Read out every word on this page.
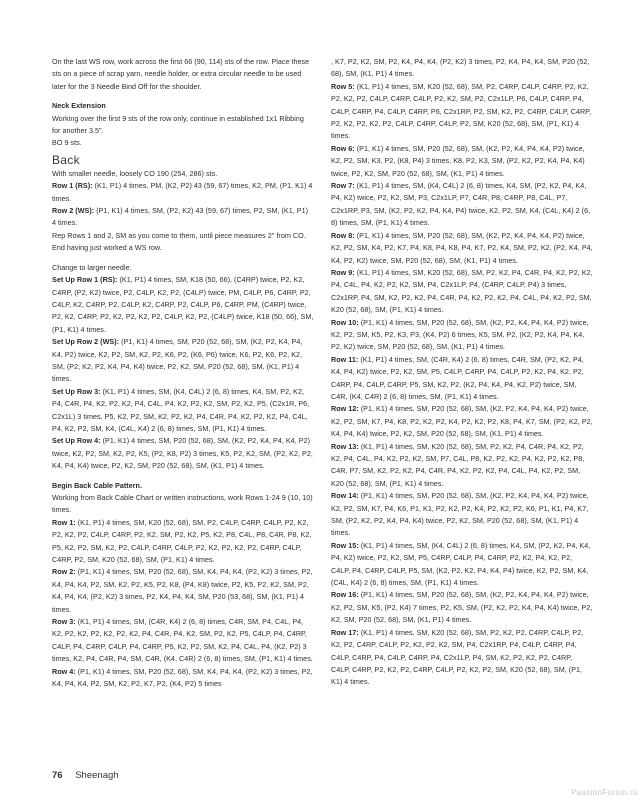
On the last WS row, work across the first 66 (90, 114) sts of the row. Place these sts on a piece of scrap yarn, needle holder, or extra circular needle to be used later for the 3 Needle Bind Off for the shoulder.
Neck Extension
Working over the first 9 sts of the row only, continue in established 1x1 Ribbing for another 3.5".
BO 9 sts.
Back
With smaller needle, loosely CO 190 (254, 286) sts.
Row 1 (RS): (K1, P1) 4 times, PM, (K2, P2) 43 (59, 67) times, K2, PM, (P1, K1) 4 times.
Row 2 (WS): (P1, K1) 4 times, SM, (P2, K2) 43 (59, 67) times, P2, SM, (K1, P1) 4 times.
Rep Rows 1 and 2, SM as you come to them, until piece measures 2" from CO. End having just worked a WS row.
Change to larger needle.
Set Up Row 1 (RS): (K1, P1) 4 times, SM, K18 (50, 66), (C4RP) twice, P2, K2, C4RP, (P2, K2) twice, P2, C4LP, K2, P2, (C4LP) twice, PM, C4LP, P6, C4RP, P2, C4LP, K2, C4RP, P2, C4LP, K2, C4RP, P2, C4LP, P6, C4RP, PM, (C4RP) twice, P2, K2, C4RP, P2, K2, P2, K2, P2, C4LP, K2, P2, (C4LP) twice, K18 (50, 66), SM, (P1, K1) 4 times.
Set Up Row 2 (WS): (P1, K1) 4 times, SM, P20 (52, 68), SM, (K2, P2, K4, P4, K4, P2) twice, K2, P2, SM, K2, P2, K6, P2, (K6, P6) twice, K6, P2, K6, P2, K2, SM, (P2, K2, P2, K4, P4, K4) twice, P2, K2, SM, P20 (52, 68), SM, (K1, P1) 4 times.
Set Up Row 3: (K1, P1) 4 times, SM, (K4, C4L) 2 (6, 8) times, K4, SM, P2, K2, P4, C4R, P4, K2, P2, K2, P4, C4L, P4, K2, P2, K2, SM, P2, K2, P5, (C2x1R, P6, C2x1L) 3 times, P5, K2, P2, SM, K2, P2, K2, P4, C4R, P4, K2, P2, K2, P4, C4L, P4, K2, P2, SM, K4, (C4L, K4) 2 (6, 8) times, SM, (P1, K1) 4 times.
Set Up Row 4: (P1, K1) 4 times, SM, P20 (52, 68), SM, (K2, P2, K4, P4, K4, P2) twice, K2, P2, SM, K2, P2, K5, (P2, K8, P2) 3 times, K5, P2, K2, SM, (P2, K2, P2, K4, P4, K4) twice, P2, K2, SM, P20 (52, 68), SM, (K1, P1) 4 times.
Begin Back Cable Pattern.
Working from Back Cable Chart or written instructions, work Rows 1-24 9 (10, 10) times.
Row 1: (K1, P1) 4 times, SM, K20 (52, 68), SM, P2, C4LP, C4RP, C4LP, P2, K2, P2, K2, P2, C4LP, C4RP, P2, K2, SM, P2, K2, P5, K2, P8, C4L, P8, C4R, P8, K2, P5, K2, P2, SM, K2, P2, C4LP, C4RP, C4LP, P2, K2, P2, K2, P2, C4RP, C4LP, C4RP, P2, SM, K20 (52, 68), SM, (P1, K1) 4 times.
Row 2: (P1, K1) 4 times, SM, P20 (52, 68), SM, K4, P4, K4, (P2, K2) 3 times, P2, K4, P4, K4, P2, SM, K2, P2, K5, P2, K8, (P4, K8) twice, P2, K5, P2, K2, SM, P2, K4, P4, K4, (P2, K2) 3 times, P2, K4, P4, K4, SM, P20 (53, 68), SM, (K1, P1) 4 times.
Row 3: (K1, P1) 4 times, SM, (C4R, K4) 2 (6, 8) times, C4R, SM, P4, C4L, P4, K2, P2, K2, P2, K2, P2, K2, P4, C4R, P4, K2, SM, P2, K2, P5, C4LP, P4, C4RP, C4LP, P4, C4RP, C4LP, P4, C4RP, P5, K2, P2, SM, K2, P4, C4L, P4, (K2, P2) 3 times, K2, P4, C4R, P4, SM, C4R, (K4, C4R) 2 (6, 8) times, SM, (P1, K1) 4 times.
Row 4: (P1, K1) 4 times, SM, P20 (52, 68), SM, K4, P4, K4, (P2, K2) 3 times, P2, K4, P4, K4, P2, SM, K2, P2, K7, P2, (K4, P2) 5 times
, K7, P2, K2, SM, P2, K4, P4, K4, (P2, K2) 3 times, P2, K4, P4, K4, SM, P20 (52, 68), SM, (K1, P1) 4 times.
Row 5: (K1, P1) 4 times, SM, K20 (52, 68), SM, P2, C4RP, C4LP, C4RP, P2, K2, P2, K2, P2, C4LP, C4RP, C4LP, P2, K2, SM, P2, C2x1LP, P6, C4LP, C4RP, P4, C4LP, C4RP, P4, C4LP, C4RP, P6, C2x1RP, P2, SM, K2, P2, C4RP, C4LP, C4RP, P2, K2, P2, K2, P2, C4LP, C4RP, C4LP, P2, SM, K20 (52, 68), SM, (P1, K1) 4 times.
Row 6: (P1, K1) 4 times, SM, P20 (52, 68), SM, (K2, P2, K4, P4, K4, P2) twice, K2, P2, SM, K3, P2, (K8, P4) 3 times, K8, P2, K3, SM, (P2, K2, P2, K4, P4, K4) twice, P2, K2, SM, P20 (52, 68), SM, (K1, P1) 4 times.
Row 7: (K1, P1) 4 times, SM, (K4, C4L) 2 (6, 8) times, K4, SM, (P2, K2, P4, K4, P4, K2) twice, P2, K2, SM, P3, C2x1LP, P7, C4R, P8, C4RP, P8, C4L, P7, C2x1RP, P3, SM, (K2, P2, K2, P4, K4, P4) twice, K2, P2, SM, K4, (C4L, K4) 2 (6, 8) times, SM, (P1, K1) 4 times.
Row 8: (P1, K1) 4 times, SM, P20 (52, 68), SM, (K2, P2, K4, P4, K4, P2) twice, K2, P2, SM, K4, P2, K7, P4, K8, P4, K8, P4, K7, P2, K4, SM, P2, K2, (P2, K4, P4, K4, P2, K2) twice, SM, P20 (52, 68), SM, (K1, P1) 4 times.
Row 9: (K1, P1) 4 times, SM, K20 (52, 68), SM, P2, K2, P4, C4R, P4, K2, P2, K2, P4, C4L, P4, K2, P2, K2, SM, P4, C2x1LP, P4, (C4RP, C4LP, P4) 3 times, C2x1RP, P4, SM, K2, P2, K2, P4, C4R, P4, K2, P2, K2, P4, C4L, P4, K2, P2, SM, K20 (52, 68), SM, (P1, K1) 4 times.
Row 10: (P1, K1) 4 times, SM, P20 (52, 68), SM, (K2, P2, K4, P4, K4, P2) twice, K2, P2, SM, K5, P2, K3, P3, (K4, P2) 6 times, K5, SM, P2, (K2, P2, K4, P4, K4, P2, K2) twice, SM, P20 (52, 68), SM, (K1, P1) 4 times.
Row 11: (K1, P1) 4 times, SM, (C4R, K4) 2 (6, 8) times, C4R, SM, (P2, K2, P4, K4, P4, K2) twice, P2, K2, SM, P5, C4LP, C4RP, P4, C4LP, P2, K2, P4, K2, P2, C4RP, P4, C4LP, C4RP, P5, SM, K2, P2, (K2, P4, K4, P4, K2, P2) twice, SM, C4R, (K4, C4R) 2 (6, 8) times, SM, (P1, K1) 4 times.
Row 12: (P1, K1) 4 times, SM, P20 (52, 68), SM, (K2, P2, K4, P4, K4, P2) twice, K2, P2, SM, K7, P4, K8, P2, K2, P2, K4, P2, K2, P2, K8, P4, K7, SM, (P2, K2, P2, K4, P4, K4) twice, P2, K2, SM, P20 (52, 68), SM, (K1, P1) 4 times.
Row 13: (K1, P1) 4 times, SM, K20 (52, 68), SM, P2, K2, P4, C4R, P4, K2, P2, K2, P4, C4L, P4, K2, P2, K2, SM, P7, C4L, P8, K2, P2, K2, P4, K2, P2, K2, P8, C4R, P7, SM, K2, P2, K2, P4, C4R, P4, K2, P2, K2, P4, C4L, P4, K2, P2, SM, K20 (52, 68), SM, (P1, K1) 4 times.
Row 14: (P1, K1) 4 times, SM, P20 (52, 68), SM, (K2, P2, K4, P4, K4, P2) twice, K2, P2, SM, K7, P4, K6, P1, K1, P2, K2, P2, K4, P2, K2, P2, K6, P1, K1, P4, K7, SM, (P2, K2, P2, K4, P4, K4) twice, P2, K2, SM, P20 (52, 68), SM, (K1, P1) 4 times.
Row 15: (K1, P1) 4 times, SM, (K4, C4L) 2 (6, 8) times, K4, SM, (P2, K2, P4, K4, P4, K2) twice, P2, K2, SM, P5, C4RP, C4LP, P4, C4RP, P2, K2, P4, K2, P2, C4LP, P4, C4RP, C4LP, P5, SM, (K2, P2, K2, P4, K4, P4) twice, K2, P2, SM, K4, (C4L, K4) 2 (6, 8) times, SM, (P1, K1) 4 times.
Row 16: (P1, K1) 4 times, SM, P20 (52, 68), SM, (K2, P2, K4, P4, K4, P2) twice, K2, P2, SM, K5, (P2, K4) 7 times, P2, K5, SM, (P2, K2, P2, K4, P4, K4) twice, P2, K2, SM, P20 (52, 68), SM, (K1, P1) 4 times.
Row 17: (K1, P1) 4 times, SM, K20 (52, 68), SM, P2, K2, P2, C4RP, C4LP, P2, K2, P2, C4RP, C4LP, P2, K2, P2, K2, SM, P4, C2x1RP, P4, C4LP, C4RP, P4, C4LP, C4RP, P4, C4LP, C4RP, P4, C2x1LP, P4, SM, K2, P2, K2, P2, C4RP, C4LP, C4RP, P2, K2, P2, C4RP, C4LP, P2, K2, P2, SM, K20 (52, 68), SM, (P1, K1) 4 times.
76 Sheenagh
PassionForum.ru
